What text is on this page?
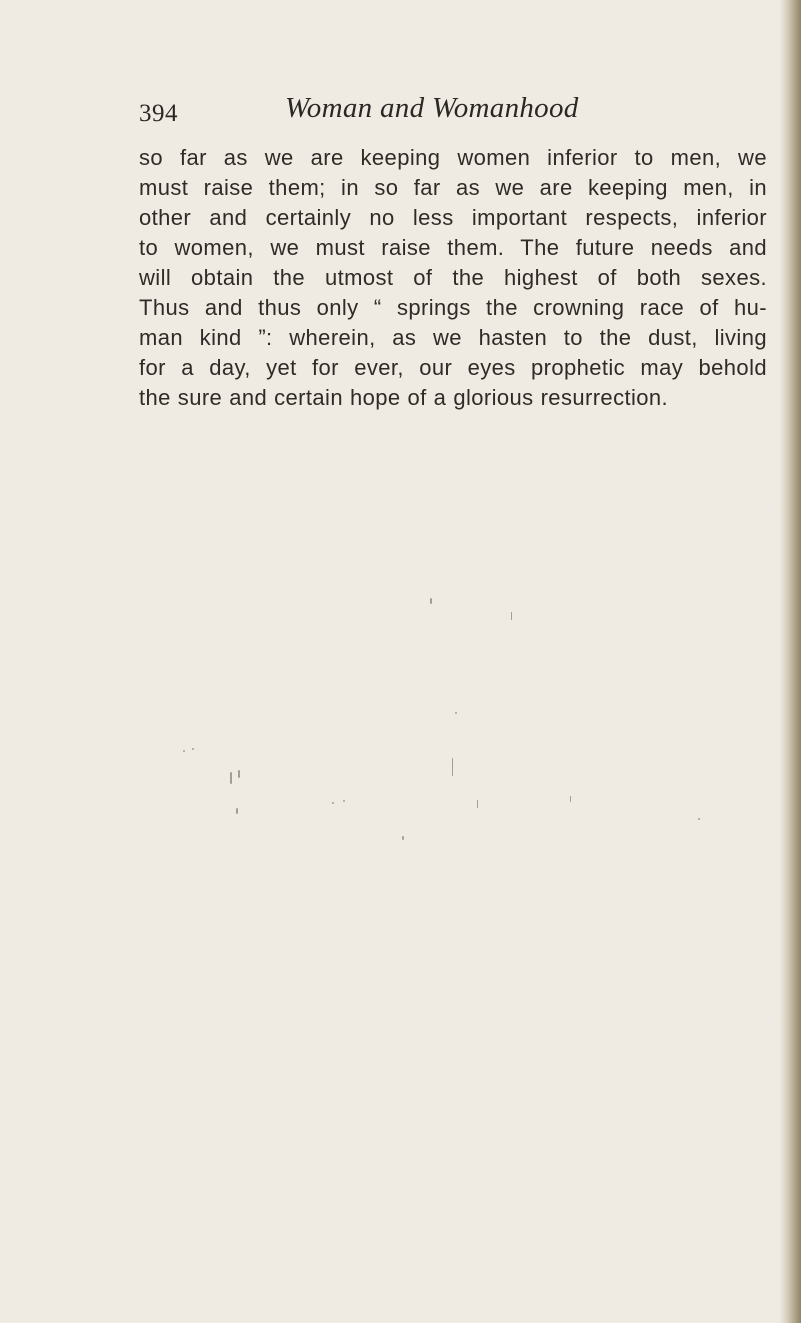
394	Woman and Womanhood
so far as we are keeping women inferior to men, we
must raise them; in so far as we are keeping men, in
other and certainly no less important respects, inferior
to women, we must raise them. The future needs and
will obtain the utmost of the highest of both sexes.
Thus and thus only “ springs the crowning race of hu-
man kind ”: wherein, as we hasten to the dust, living
for a day, yet for ever, our eyes prophetic may behold
the sure and certain hope of a glorious resurrection.
